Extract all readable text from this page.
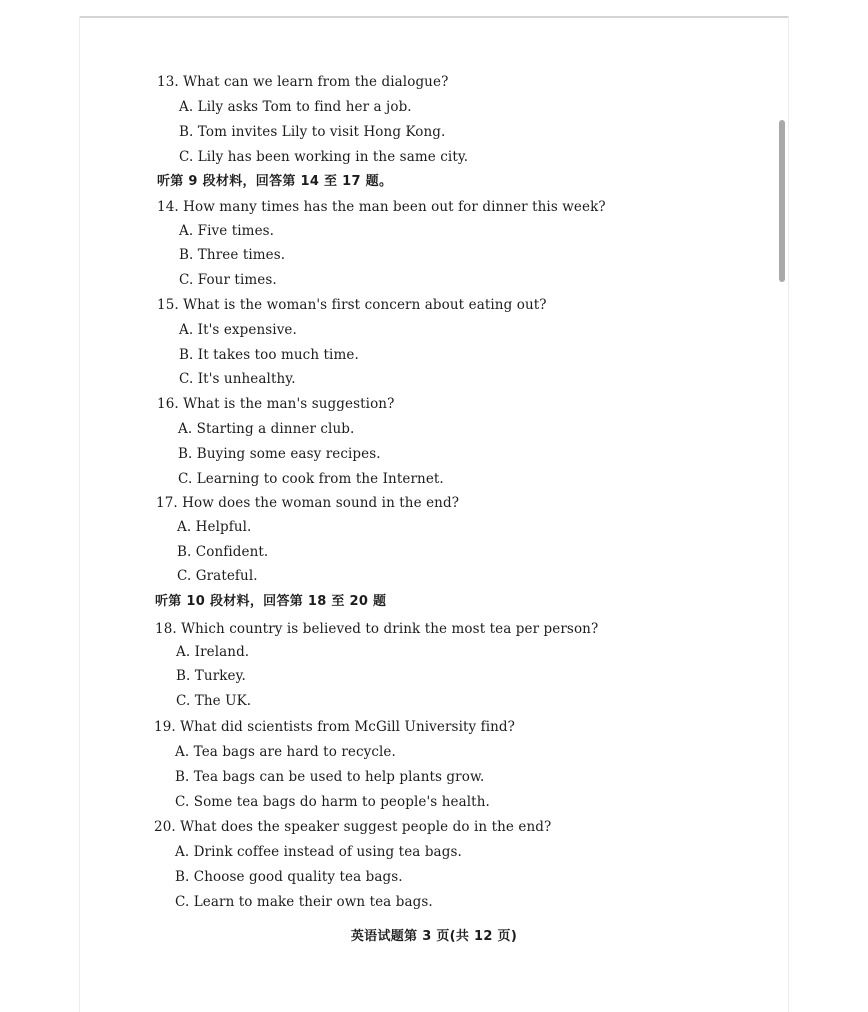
13. What can we learn from the dialogue?
A. Lily asks Tom to find her a job.
B. Tom invites Lily to visit Hong Kong.
C. Lily has been working in the same city.
听第 9 段材料，回答第 14 至 17 题。
14. How many times has the man been out for dinner this week?
A. Five times.
B. Three times.
C. Four times.
15. What is the woman's first concern about eating out?
A. It's expensive.
B. It takes too much time.
C. It's unhealthy.
16. What is the man's suggestion?
A. Starting a dinner club.
B. Buying some easy recipes.
C. Learning to cook from the Internet.
17. How does the woman sound in the end?
A. Helpful.
B. Confident.
C. Grateful.
听第 10 段材料，回答第 18 至 20 题
18. Which country is believed to drink the most tea per person?
A. Ireland.
B. Turkey.
C. The UK.
19. What did scientists from McGill University find?
A. Tea bags are hard to recycle.
B. Tea bags can be used to help plants grow.
C. Some tea bags do harm to people's health.
20. What does the speaker suggest people do in the end?
A. Drink coffee instead of using tea bags.
B. Choose good quality tea bags.
C. Learn to make their own tea bags.
英语试题第 3 页(共 12 页)
